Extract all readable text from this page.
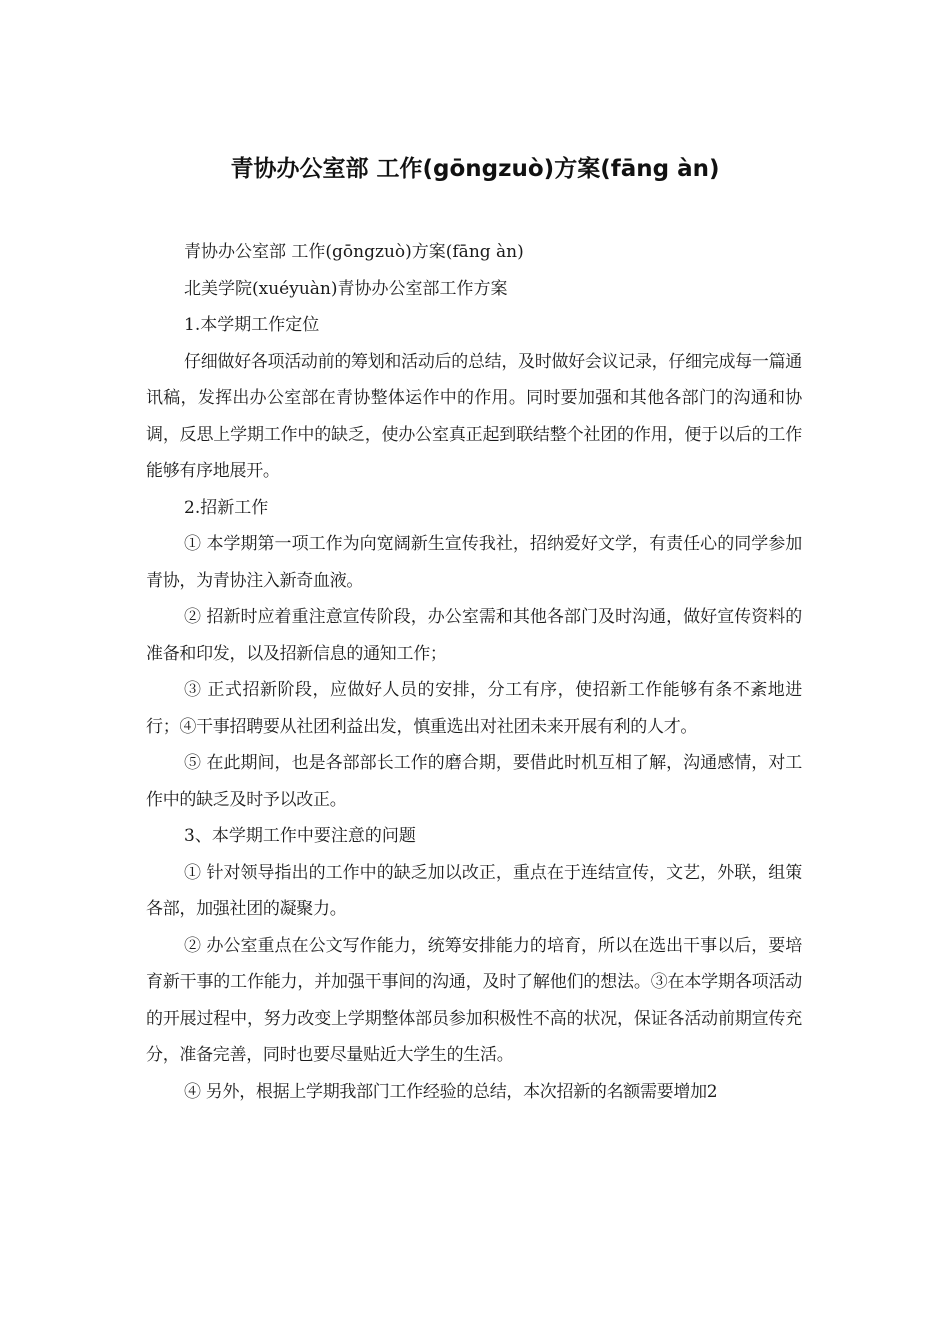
青协办公室部 工作(gōngzuò)方案(fāng àn)

青协办公室部 工作(gōngzuò)方案(fāng àn)

北美学院(xuéyuàn)青协办公室部工作方案

1.本学期工作定位

仔细做好各项活动前的筹划和活动后的总结，及时做好会议记录，仔细完成每一篇通讯稿，发挥出办公室部在青协整体运作中的作用。同时要加强和其他各部门的沟通和协调，反思上学期工作中的缺乏，使办公室真正起到联结整个社团的作用，便于以后的工作能够有序地展开。

2.招新工作

① 本学期第一项工作为向宽阔新生宣传我社，招纳爱好文学，有责任心的同学参加青协，为青协注入新奇血液。

② 招新时应着重注意宣传阶段，办公室需和其他各部门及时沟通，做好宣传资料的准备和印发，以及招新信息的通知工作；

③ 正式招新阶段，应做好人员的安排，分工有序，使招新工作能够有条不紊地进行；④干事招聘要从社团利益出发，慎重选出对社团未来开展有利的人才。

⑤ 在此期间，也是各部部长工作的磨合期，要借此时机互相了解，沟通感情，对工作中的缺乏及时予以改正。

3、本学期工作中要注意的问题

① 针对领导指出的工作中的缺乏加以改正，重点在于连结宣传，文艺，外联，组策各部，加强社团的凝聚力。

② 办公室重点在公文写作能力，统筹安排能力的培育，所以在选出干事以后，要培育新干事的工作能力，并加强干事间的沟通，及时了解他们的想法。③在本学期各项活动的开展过程中，努力改变上学期整体部员参加积极性不高的状况，保证各活动前期宣传充分，准备完善，同时也要尽量贴近大学生的生活。

④ 另外，根据上学期我部门工作经验的总结，本次招新的名额需要增加2
